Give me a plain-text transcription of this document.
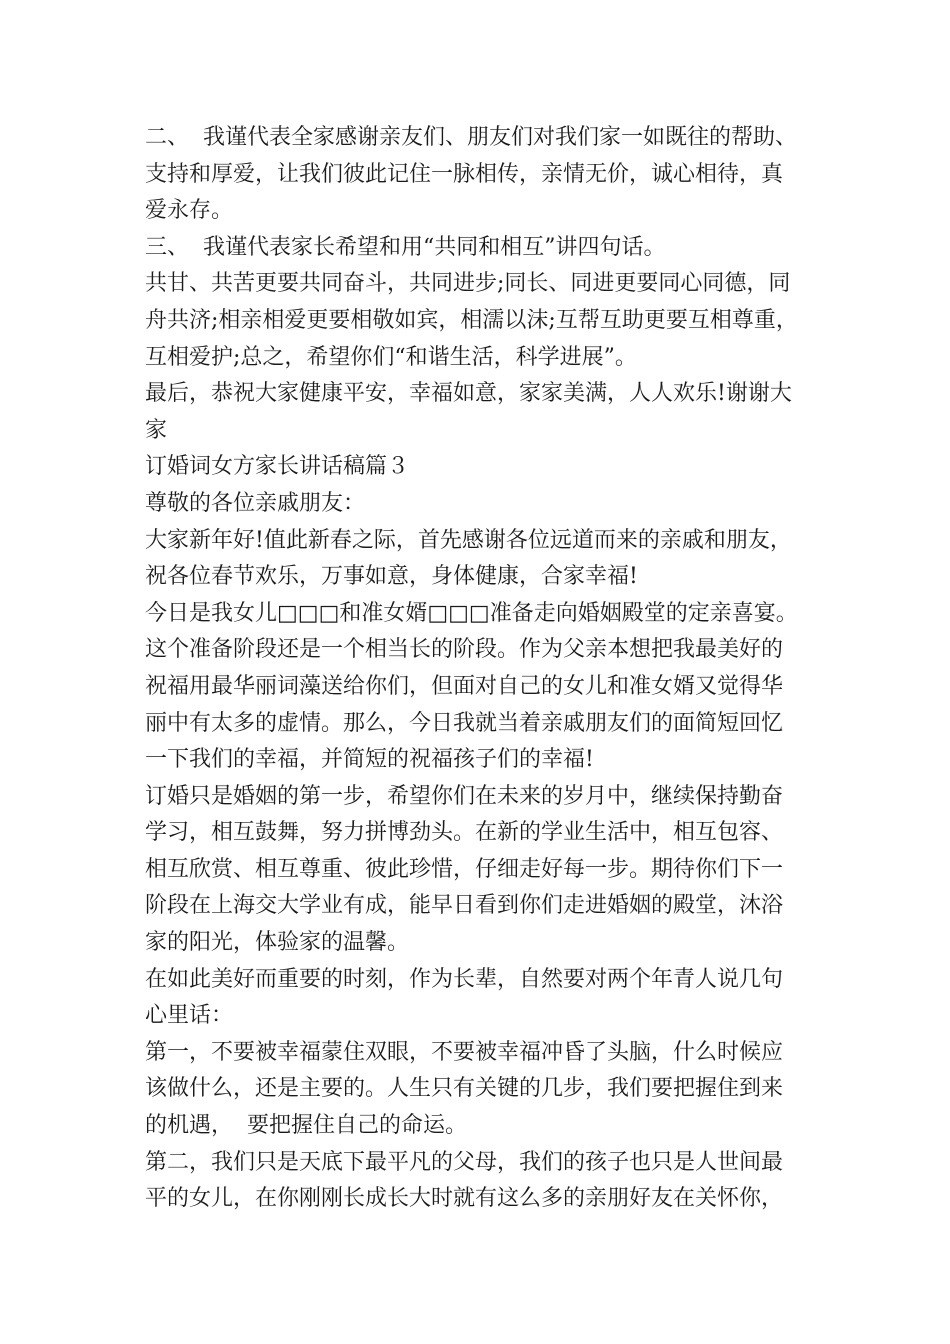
二、  我谨代表全家感谢亲友们、朋友们对我们家一如既往的帮助、
支持和厚爱，让我们彼此记住一脉相传，亲情无价，诚心相待，真
爱永存。
三、  我谨代表家长希望和用“共同和相互”讲四句话。
共甘、共苦更要共同奋斗，共同进步;同长、同进更要同心同德，同
舟共济;相亲相爱更要相敬如宾，相濡以沫;互帮互助更要互相尊重，
互相爱护;总之，希望你们“和谐生活，科学进展”。
最后，恭祝大家健康平安，幸福如意，家家美满，人人欢乐!谢谢大
家
订婚词女方家长讲话稿篇３
尊敬的各位亲戚朋友：
大家新年好!值此新春之际，首先感谢各位远道而来的亲戚和朋友，
祝各位春节欢乐，万事如意，身体健康，合家幸福!
今日是我女儿□□□和准女婿□□□准备走向婚姻殿堂的定亲喜宴。
这个准备阶段还是一个相当长的阶段。作为父亲本想把我最美好的
祝福用最华丽词藻送给你们，但面对自己的女儿和准女婿又觉得华
丽中有太多的虚情。那么，今日我就当着亲戚朋友们的面简短回忆
一下我们的幸福，并简短的祝福孩子们的幸福!
订婚只是婚姻的第一步，希望你们在未来的岁月中，继续保持勤奋
学习，相互鼓舞，努力拼博劲头。在新的学业生活中，相互包容、
相互欣赏、相互尊重、彼此珍惜，仔细走好每一步。期待你们下一
阶段在上海交大学业有成，能早日看到你们走进婚姻的殿堂，沐浴
家的阳光，体验家的温馨。
在如此美好而重要的时刻，作为长辈，自然要对两个年青人说几句
心里话：
第一，不要被幸福蒙住双眼，不要被幸福冲昏了头脑，什么时候应
该做什么，还是主要的。人生只有关键的几步，我们要把握住到来
的机遇，  要把握住自己的命运。
第二，我们只是天底下最平凡的父母，我们的孩子也只是人世间最
平的女儿，在你刚刚长成长大时就有这么多的亲朋好友在关怀你，
